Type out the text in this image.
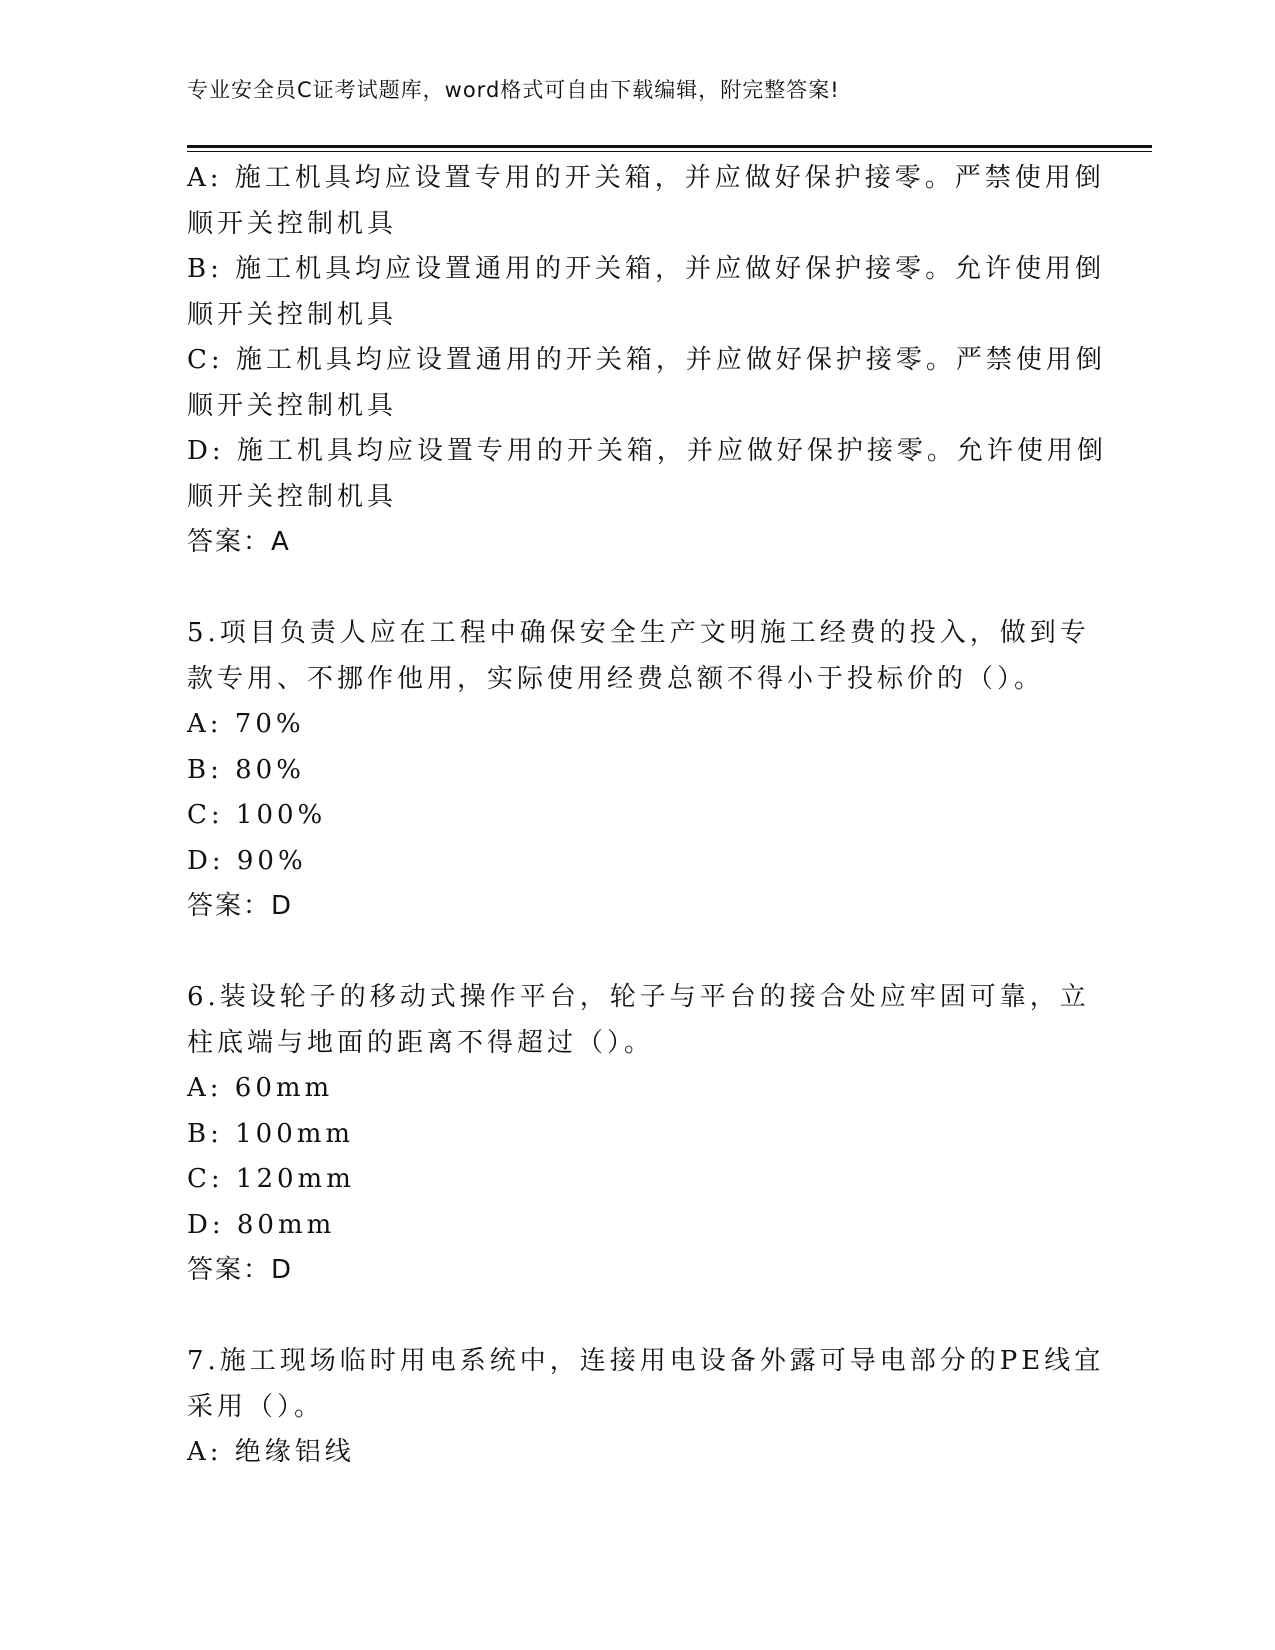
专业安全员C证考试题库，word格式可自由下载编辑，附完整答案!
A: 施工机具均应设置专用的开关箱，并应做好保护接零。严禁使用倒
顺开关控制机具
B: 施工机具均应设置通用的开关箱，并应做好保护接零。允许使用倒
顺开关控制机具
C: 施工机具均应设置通用的开关箱，并应做好保护接零。严禁使用倒
顺开关控制机具
D: 施工机具均应设置专用的开关箱，并应做好保护接零。允许使用倒
顺开关控制机具
答案：A
5.项目负责人应在工程中确保安全生产文明施工经费的投入，做到专
款专用、不挪作他用，实际使用经费总额不得小于投标价的（）。
A: 70%
B: 80%
C: 100%
D: 90%
答案：D
6.装设轮子的移动式操作平台，轮子与平台的接合处应牢固可靠，立
柱底端与地面的距离不得超过（）。
A: 60mm
B: 100mm
C: 120mm
D: 80mm
答案：D
7.施工现场临时用电系统中，连接用电设备外露可导电部分的PE线宜
采用（）。
A: 绝缘铝线
